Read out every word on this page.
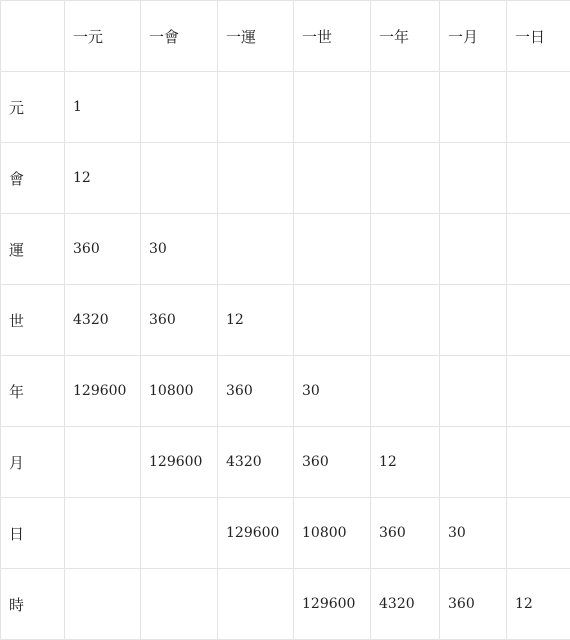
	一元	一會	一運	一世	一年	一月	一日
元	1						
會	12						
運	360	30					
世	4320	360	12				
年	129600	10800	360	30			
月		129600	4320	360	12		
日			129600	10800	360	30	
時				129600	4320	360	12
